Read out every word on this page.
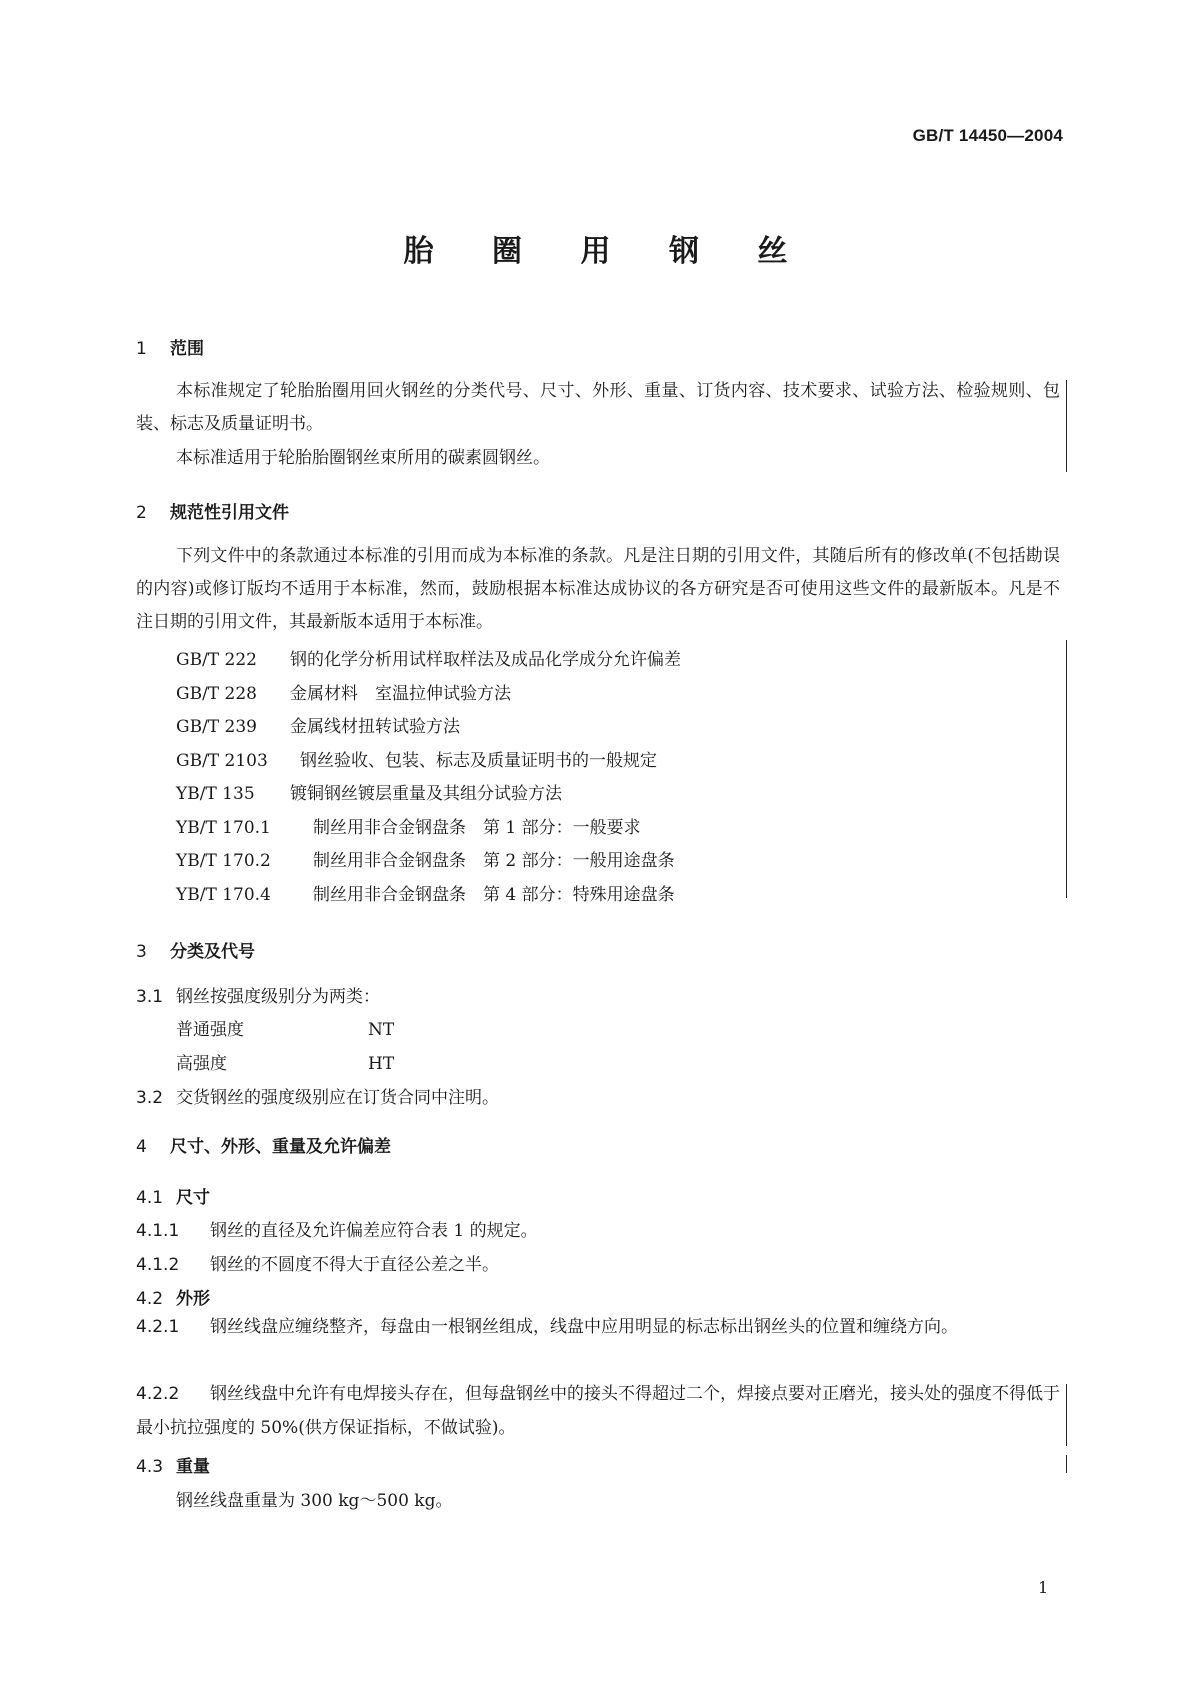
GB/T 14450—2004
胎 圈 用 钢 丝
1 范围
本标准规定了轮胎胎圈用回火钢丝的分类代号、尺寸、外形、重量、订货内容、技术要求、试验方法、检验规则、包装、标志及质量证明书。
本标准适用于轮胎胎圈钢丝束所用的碳素圆钢丝。
2 规范性引用文件
下列文件中的条款通过本标准的引用而成为本标准的条款。凡是注日期的引用文件，其随后所有的修改单(不包括勘误的内容)或修订版均不适用于本标准，然而，鼓励根据本标准达成协议的各方研究是否可使用这些文件的最新版本。凡是不注日期的引用文件，其最新版本适用于本标准。
GB/T 222 钢的化学分析用试样取样法及成品化学成分允许偏差
GB/T 228 金属材料　室温拉伸试验方法
GB/T 239 金属线材扭转试验方法
GB/T 2103 钢丝验收、包装、标志及质量证明书的一般规定
YB/T 135 镀铜钢丝镀层重量及其组分试验方法
YB/T 170.1 制丝用非合金钢盘条　第 1 部分：一般要求
YB/T 170.2 制丝用非合金钢盘条　第 2 部分：一般用途盘条
YB/T 170.4 制丝用非合金钢盘条　第 4 部分：特殊用途盘条
3 分类及代号
3.1 钢丝按强度级别分为两类：
普通强度	NT
高强度	HT
3.2 交货钢丝的强度级别应在订货合同中注明。
4 尺寸、外形、重量及允许偏差
4.1 尺寸
4.1.1 钢丝的直径及允许偏差应符合表 1 的规定。
4.1.2 钢丝的不圆度不得大于直径公差之半。
4.2 外形
4.2.1 钢丝线盘应缠绕整齐，每盘由一根钢丝组成，线盘中应用明显的标志标出钢丝头的位置和缠绕方向。
4.2.2 钢丝线盘中允许有电焊接头存在，但每盘钢丝中的接头不得超过二个，焊接点要对正磨光，接头处的强度不得低于最小抗拉强度的 50%(供方保证指标，不做试验)。
4.3 重量
钢丝线盘重量为 300 kg～500 kg。
1
